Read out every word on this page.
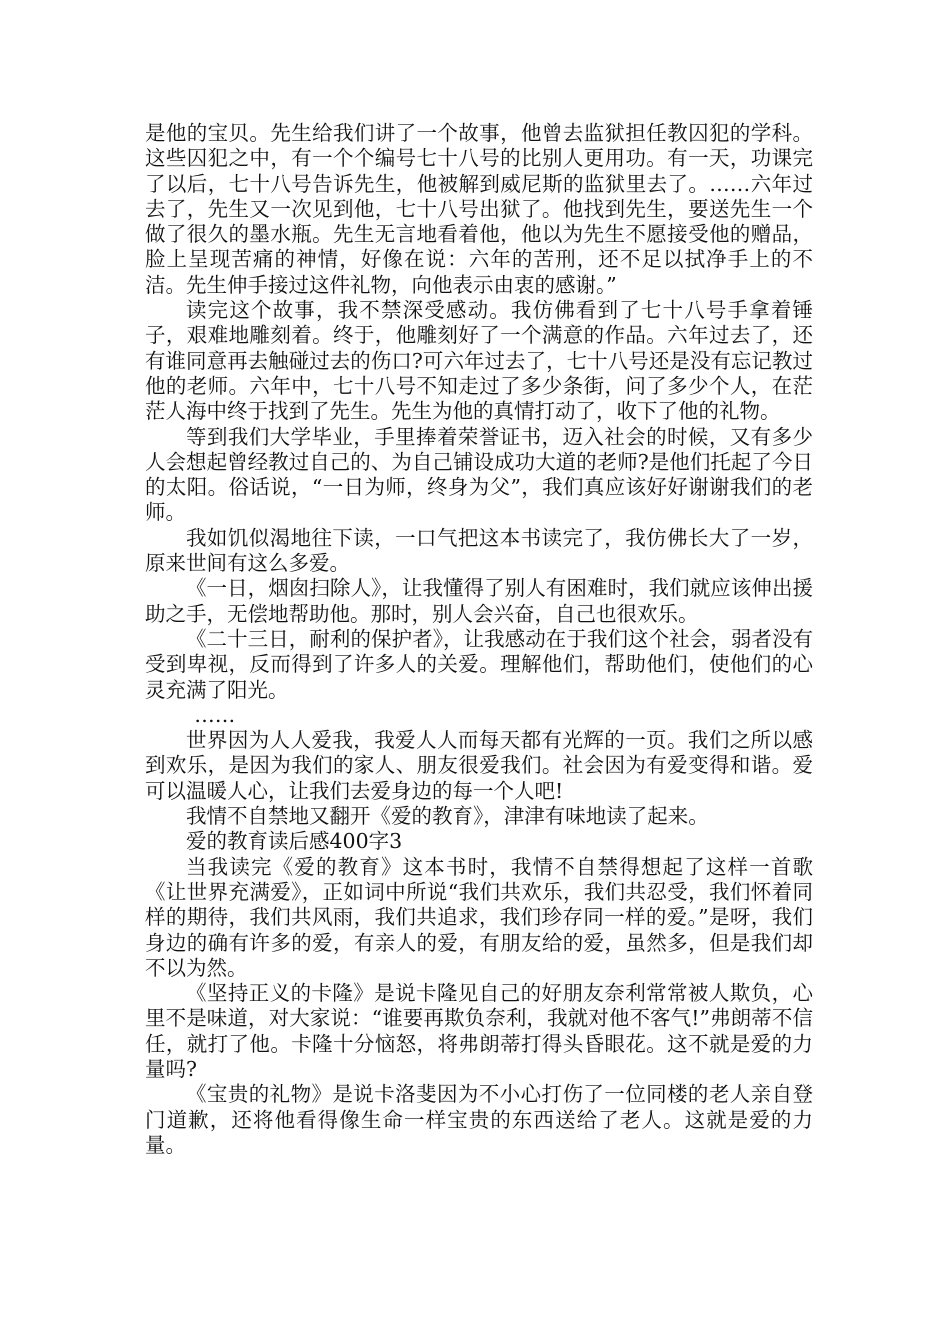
是他的宝贝。先生给我们讲了一个故事，他曾去监狱担任教囚犯的学科。这些囚犯之中，有一个个编号七十八号的比别人更用功。有一天，功课完了以后，七十八号告诉先生，他被解到威尼斯的监狱里去了。……六年过去了，先生又一次见到他，七十八号出狱了。他找到先生，要送先生一个做了很久的墨水瓶。先生无言地看着他，他以为先生不愿接受他的赠品，脸上呈现苦痛的神情，好像在说：六年的苦刑，还不足以拭净手上的不洁。先生伸手接过这件礼物，向他表示由衷的感谢。”

读完这个故事，我不禁深受感动。我仿佛看到了七十八号手拿着锤子，艰难地雕刻着。终于，他雕刻好了一个满意的作品。六年过去了，还有谁同意再去触碰过去的伤口?可六年过去了，七十八号还是没有忘记教过他的老师。六年中，七十八号不知走过了多少条街，问了多少个人，在茫茫人海中终于找到了先生。先生为他的真情打动了，收下了他的礼物。

等到我们大学毕业，手里捧着荣誉证书，迈入社会的时候，又有多少人会想起曾经教过自己的、为自己铺设成功大道的老师?是他们托起了今日的太阳。俗话说，“一日为师，终身为父”，我们真应该好好谢谢我们的老师。

我如饥似渴地往下读，一口气把这本书读完了，我仿佛长大了一岁，原来世间有这么多爱。

《一日，烟囱扫除人》，让我懂得了别人有困难时，我们就应该伸出援助之手，无偿地帮助他。那时，别人会兴奋，自己也很欢乐。

《二十三日，耐利的保护者》，让我感动在于我们这个社会，弱者没有受到卑视，反而得到了许多人的关爱。理解他们，帮助他们，使他们的心灵充满了阳光。

……

世界因为人人爱我，我爱人人而每天都有光辉的一页。我们之所以感到欢乐，是因为我们的家人、朋友很爱我们。社会因为有爱变得和谐。爱可以温暖人心，让我们去爱身边的每一个人吧!

我情不自禁地又翻开《爱的教育》，津津有味地读了起来。

爱的教育读后感400字3

当我读完《爱的教育》这本书时，我情不自禁得想起了这样一首歌《让世界充满爱》，正如词中所说“我们共欢乐，我们共忍受，我们怀着同样的期待，我们共风雨，我们共追求，我们珍存同一样的爱。”是呀，我们身边的确有许多的爱，有亲人的爱，有朋友给的爱，虽然多，但是我们却不以为然。

《坚持正义的卡隆》是说卡隆见自己的好朋友奈利常常被人欺负，心里不是味道，对大家说：“谁要再欺负奈利，我就对他不客气!”弗朗蒂不信任，就打了他。卡隆十分恼怒，将弗朗蒂打得头昏眼花。这不就是爱的力量吗?

《宝贵的礼物》是说卡洛斐因为不小心打伤了一位同楼的老人亲自登门道歉，还将他看得像生命一样宝贵的东西送给了老人。这就是爱的力量。
